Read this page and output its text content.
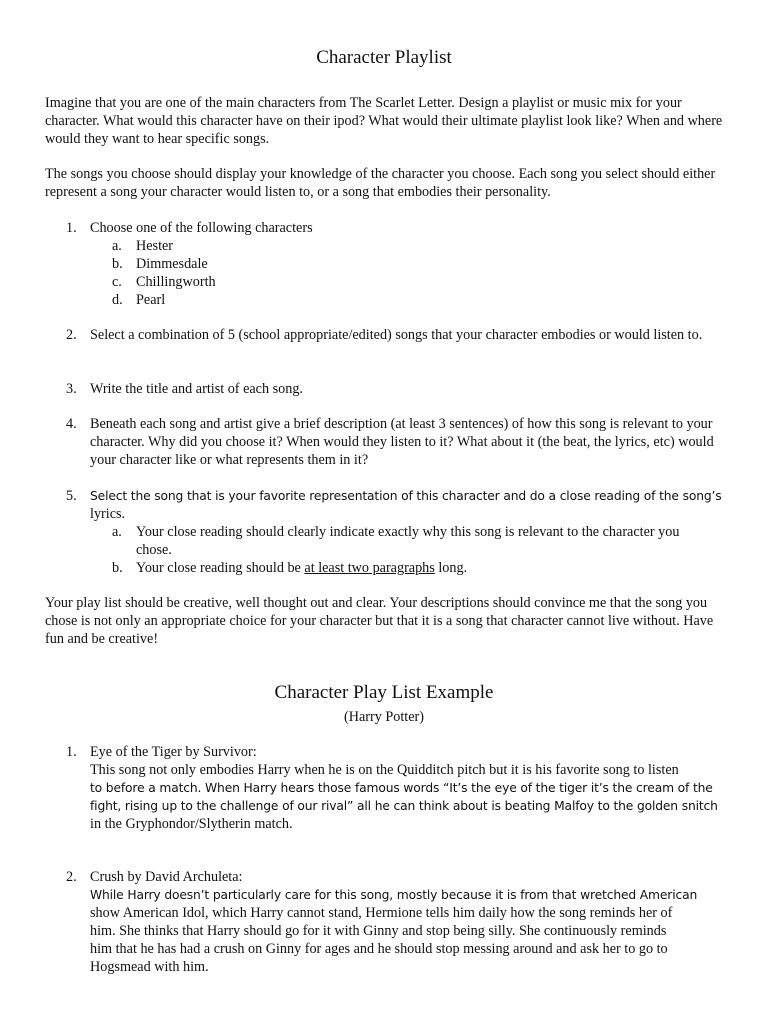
Character Playlist
Imagine that you are one of the main characters from The Scarlet Letter. Design a playlist or music mix for your character. What would this character have on their ipod? What would their ultimate playlist look like? When and where would they want to hear specific songs.
The songs you choose should display your knowledge of the character you choose. Each song you select should either represent a song your character would listen to, or a song that embodies their personality.
1. Choose one of the following characters
a. Hester
b. Dimmesdale
c. Chillingworth
d. Pearl
2. Select a combination of 5 (school appropriate/edited) songs that your character embodies or would listen to.
3. Write the title and artist of each song.
4. Beneath each song and artist give a brief description (at least 3 sentences) of how this song is relevant to your character. Why did you choose it? When would they listen to it? What about it (the beat, the lyrics, etc) would your character like or what represents them in it?
5.	Select the song that is your favorite representation of this character and do a close reading of the song’s
lyrics.
a. Your close reading should clearly indicate exactly why this song is relevant to the character you
chose.
b. Your close reading should be at least two paragraphs long.
Your play list should be creative, well thought out and clear. Your descriptions should convince me that the song you chose is not only an appropriate choice for your character but that it is a song that character cannot live without. Have fun and be creative!
Character Play List Example
(Harry Potter)
1. Eye of the Tiger by Survivor:
This song not only embodies Harry when he is on the Quidditch pitch but it is his favorite song to listen
to before a match. When Harry hears those famous words “It’s the eye of the tiger it’s the cream of the
fight, rising up to the challenge of our rival” all he can think about is beating Malfoy to the golden snitch
in the Gryphondor/Slytherin match.
2. Crush by David Archuleta:
While Harry doesn’t particularly care for this song, mostly because it is from that wretched American
show American Idol, which Harry cannot stand, Hermione tells him daily how the song reminds her of
him. She thinks that Harry should go for it with Ginny and stop being silly. She continuously reminds
him that he has had a crush on Ginny for ages and he should stop messing around and ask her to go to
Hogsmead with him.
